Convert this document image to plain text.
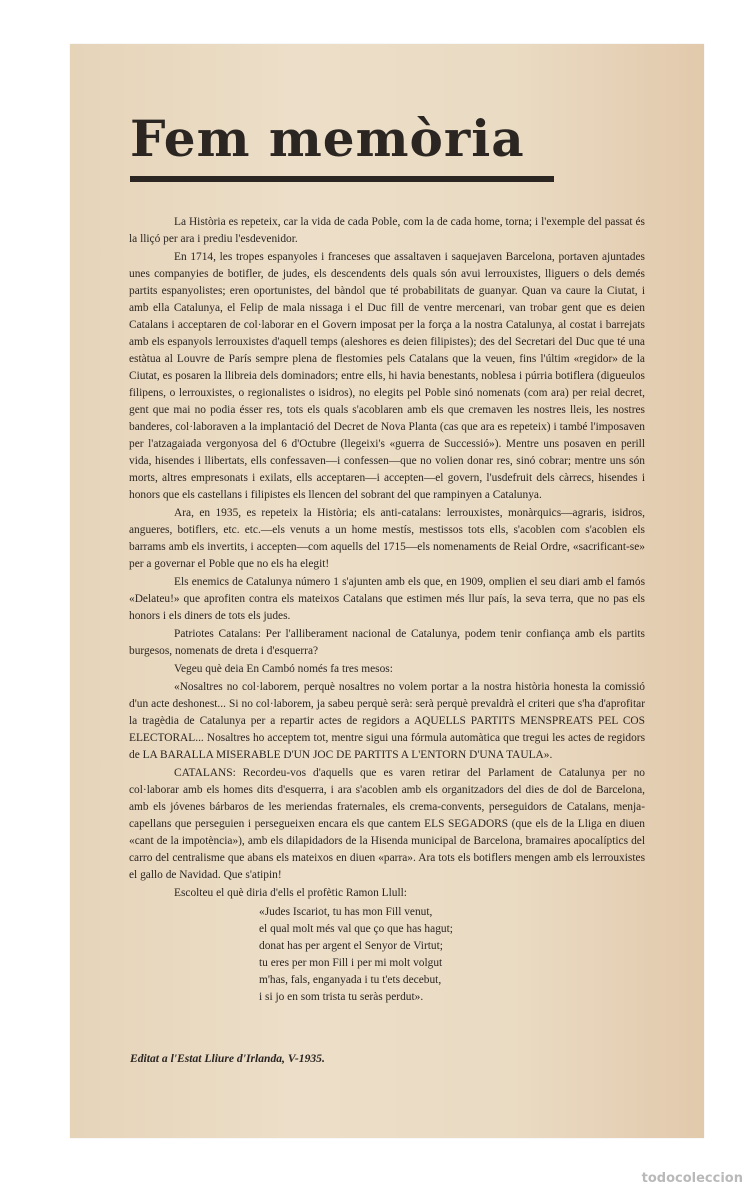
Fem memòria

La Història es repeteix, car la vida de cada Poble, com la de cada home, torna; i l'exemple del passat és la lliçó per ara i prediu l'esdevenidor.

En 1714, les tropes espanyoles i franceses que assaltaven i saquejaven Barcelona, portaven ajuntades unes companyies de botifler, de judes, els descendents dels quals són avui lerrouxistes, lliguers o dels demés partits espanyolistes; eren oportunistes, del bàndol que té probabilitats de guanyar. Quan va caure la Ciutat, i amb ella Catalunya, el Felip de mala nissaga i el Duc fill de ventre mercenari, van trobar gent que es deien Catalans i acceptaren de col·laborar en el Govern imposat per la força a la nostra Catalunya, al costat i barrejats amb els espanyols lerrouxistes d'aquell temps (aleshores es deien filipistes); des del Secretari del Duc que té una estàtua al Louvre de París sempre plena de flestomies pels Catalans que la veuen, fins l'últim «regidor» de la Ciutat, es posaren la llibreia dels dominadors; entre ells, hi havia benestants, noblesa i púrria botiflera (digueulos filipens, o lerrouxistes, o regionalistes o isidros), no elegits pel Poble sinó nomenats (com ara) per reial decret, gent que mai no podia ésser res, tots els quals s'acoblaren amb els que cremaven les nostres lleis, les nostres banderes, col·laboraven a la implantació del Decret de Nova Planta (cas que ara es repeteix) i també l'imposaven per l'atzagaiada vergonyosa del 6 d'Octubre (llegeixi's «guerra de Successió»). Mentre uns posaven en perill vida, hisendes i llibertats, ells confessaven—i confessen—que no volien donar res, sinó cobrar; mentre uns són morts, altres empresonats i exilats, ells acceptaren—i accepten—el govern, l'usdefruit dels càrrecs, hisendes i honors que els castellans i filipistes els llencen del sobrant del que rampinyen a Catalunya.

Ara, en 1935, es repeteix la Història; els anti-catalans: lerrouxistes, monàrquics—agraris, isidros, angueres, botiflers, etc. etc.—els venuts a un home mestís, mestissos tots ells, s'acoblen com s'acoblen els barrams amb els invertits, i accepten—com aquells del 1715—els nomenaments de Reial Ordre, «sacrificant-se» per a governar el Poble que no els ha elegit!

Els enemics de Catalunya número 1 s'ajunten amb els que, en 1909, omplien el seu diari amb el famós «Delateu!» que aprofiten contra els mateixos Catalans que estimen més llur país, la seva terra, que no pas els honors i els diners de tots els judes.

Patriotes Catalans: Per l'alliberament nacional de Catalunya, podem tenir confiança amb els partits burgesos, nomenats de dreta i d'esquerra?

Vegeu què deia En Cambó només fa tres mesos:

«Nosaltres no col·laborem, perquè nosaltres no volem portar a la nostra història honesta la comissió d'un acte deshonest... Si no col·laborem, ja sabeu perquè serà: serà perquè prevaldrà el criteri que s'ha d'aprofitar la tragèdia de Catalunya per a repartir actes de regidors a AQUELLS PARTITS MENSPREATS PEL COS ELECTORAL... Nosaltres ho acceptem tot, mentre sigui una fórmula automàtica que tregui les actes de regidors de LA BARALLA MISERABLE D'UN JOC DE PARTITS A L'ENTORN D'UNA TAULA».

CATALANS: Recordeu-vos d'aquells que es varen retirar del Parlament de Catalunya per no col·laborar amb els homes dits d'esquerra, i ara s'acoblen amb els organitzadors del dies de dol de Barcelona, amb els jóvenes bárbaros de les meriendas fraternales, els crema-convents, perseguidors de Catalans, menja-capellans que perseguien i persegueixen encara els que cantem ELS SEGADORS (que els de la Lliga en diuen «cant de la impotència»), amb els dilapidadors de la Hisenda municipal de Barcelona, bramaires apocalíptics del carro del centralisme que abans els mateixos en diuen «parra». Ara tots els botiflers mengen amb els lerrouxistes el gallo de Navidad. Que s'atipin!

Escolteu el què diria d'ells el profètic Ramon Llull:

«Judes Iscariot, tu has mon Fill venut,
el qual molt més val que ço que has hagut;
donat has per argent el Senyor de Virtut;
tu eres per mon Fill i per mi molt volgut
m'has, fals, enganyada i tu t'ets decebut,
i si jo en som trista tu seràs perdut».
Editat a l'Estat Lliure d'Irlanda, V-1935.
todocoleccion
